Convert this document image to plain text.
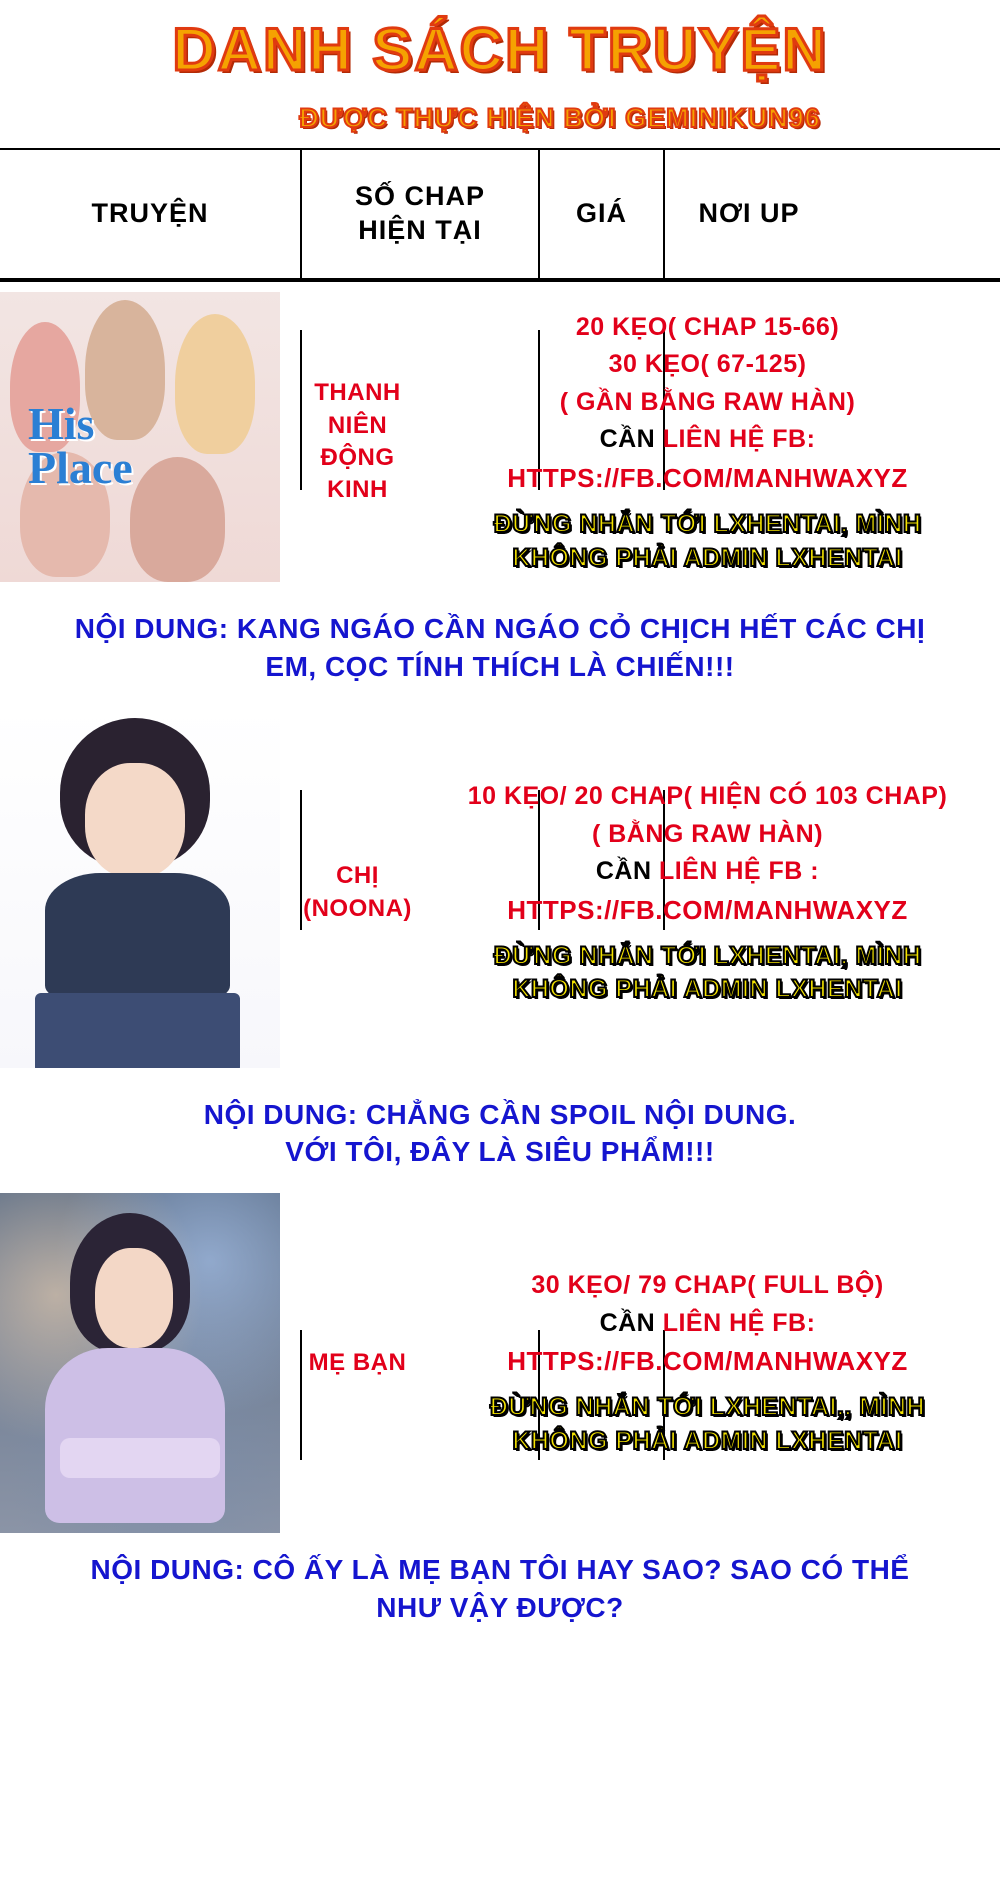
DANH SÁCH TRUYỆN
ĐƯỢC THỰC HIỆN BỞI GEMINIKUN96
TRUYỆN
SỐ CHAP
HIỆN TẠI
GIÁ	NƠI UP
His
Place
THANH NIÊN ĐỘNG KINH
20 KẸO( CHAP 15-66)
30 KẸO( 67-125)
( GẦN BẰNG RAW HÀN)
CẦN LIÊN HỆ FB:
HTTPS://FB.COM/MANHWAXYZ
ĐỪNG NHẮN TỚI LXHENTAI, MÌNH
KHÔNG PHẢI ADMIN LXHENTAI
NỘI DUNG: KANG NGÁO CẦN NGÁO CỎ CHỊCH HẾT CÁC CHỊ
EM, CỌC TÍNH THÍCH LÀ CHIẾN!!!
CHỊ (NOONA)
10 KẸO/ 20 CHAP( HIỆN CÓ 103 CHAP)
( BẰNG RAW HÀN)
CẦN LIÊN HỆ FB :
HTTPS://FB.COM/MANHWAXYZ
ĐỪNG NHẮN TỚI LXHENTAI, MÌNH
KHÔNG PHẢI ADMIN LXHENTAI
NỘI DUNG: CHẲNG CẦN SPOIL NỘI DUNG.
VỚI TÔI, ĐÂY LÀ SIÊU PHẨM!!!
MẸ BẠN
30 KẸO/ 79 CHAP( FULL BỘ)
CẦN LIÊN HỆ FB:
HTTPS://FB.COM/MANHWAXYZ
ĐỪNG NHẮN TỚI LXHENTAI,, MÌNH
KHÔNG PHẢI ADMIN LXHENTAI
NỘI DUNG: CÔ ẤY LÀ MẸ BẠN TÔI HAY SAO? SAO CÓ THỂ
NHƯ VẬY ĐƯỢC?
